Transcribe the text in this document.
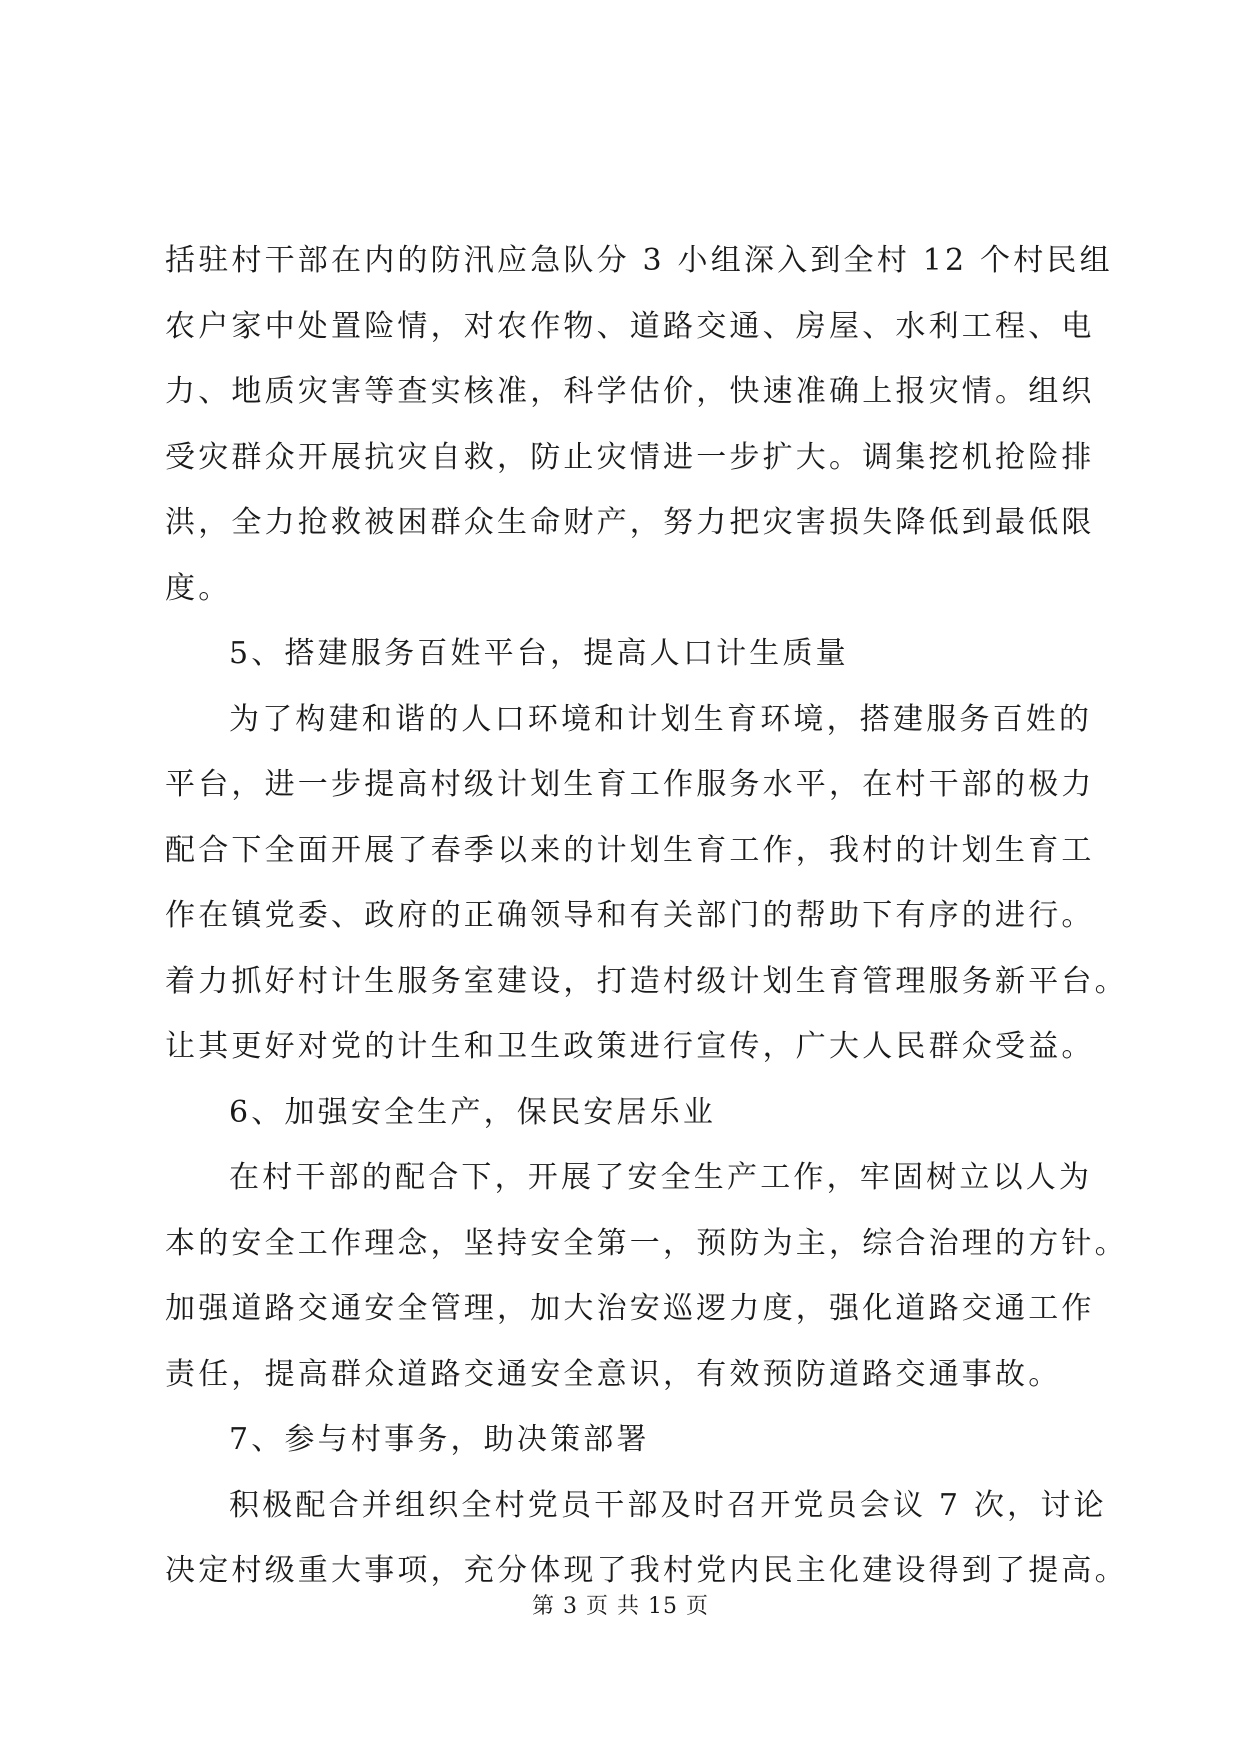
括驻村干部在内的防汛应急队分 3 小组深入到全村 12 个村民组
农户家中处置险情，对农作物、道路交通、房屋、水利工程、电
力、地质灾害等查实核准，科学估价，快速准确上报灾情。组织
受灾群众开展抗灾自救，防止灾情进一步扩大。调集挖机抢险排
洪，全力抢救被困群众生命财产，努力把灾害损失降低到最低限
度。
5、搭建服务百姓平台，提高人口计生质量
为了构建和谐的人口环境和计划生育环境，搭建服务百姓的
平台，进一步提高村级计划生育工作服务水平，在村干部的极力
配合下全面开展了春季以来的计划生育工作，我村的计划生育工
作在镇党委、政府的正确领导和有关部门的帮助下有序的进行。
着力抓好村计生服务室建设，打造村级计划生育管理服务新平台。
让其更好对党的计生和卫生政策进行宣传，广大人民群众受益。
6、加强安全生产，保民安居乐业
在村干部的配合下，开展了安全生产工作，牢固树立以人为
本的安全工作理念，坚持安全第一，预防为主，综合治理的方针。
加强道路交通安全管理，加大治安巡逻力度，强化道路交通工作
责任，提高群众道路交通安全意识，有效预防道路交通事故。
7、参与村事务，助决策部署
积极配合并组织全村党员干部及时召开党员会议 7 次，讨论
决定村级重大事项，充分体现了我村党内民主化建设得到了提高。
第 3 页 共 15 页
